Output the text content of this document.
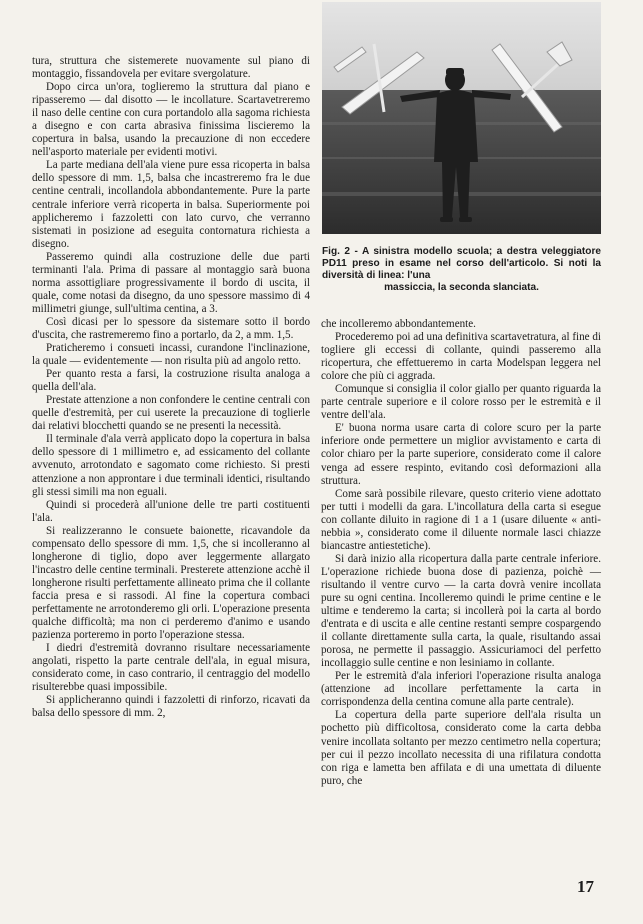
Fig. 2 - A sinistra modello scuola; a destra veleggiatore PD11 preso in esame nel corso dell'articolo. Si noti la diversità di linea: l'una
massiccia, la seconda slanciata.

tura, struttura che sistemerete nuovamente sul piano di montaggio, fissandovela per evitare svergolature.

Dopo circa un'ora, toglieremo la struttura dal piano e ripasseremo — dal disotto — le incollature. Scartavetreremo il naso delle centine con cura portandolo alla sagoma richiesta a disegno e con carta abrasiva finissima liscieremo la copertura in balsa, usando la precauzione di non eccedere nell'asporto materiale per evidenti motivi.

La parte mediana dell'ala viene pure essa ricoperta in balsa dello spessore di mm. 1,5, balsa che incastreremo fra le due centine centrali, incollandola abbondantemente. Pure la parte centrale inferiore verrà ricoperta in balsa. Superiormente poi applicheremo i fazzoletti con lato curvo, che verranno sistemati in posizione ad eseguita contornatura richiesta a disegno.

Passeremo quindi alla costruzione delle due parti terminanti l'ala. Prima di passare al montaggio sarà buona norma assottigliare progressivamente il bordo di uscita, il quale, come notasi da disegno, da uno spessore massimo di 4 millimetri giunge, sull'ultima centina, a 3.

Così dicasi per lo spessore da sistemare sotto il bordo d'uscita, che rastremeremo fino a portarlo, da 2, a mm. 1,5.

Praticheremo i consueti incassi, curandone l'inclinazione, la quale — evidentemente — non risulta più ad angolo retto.

Per quanto resta a farsi, la costruzione risulta analoga a quella dell'ala.

Prestate attenzione a non confondere le centine centrali con quelle d'estremità, per cui userete la precauzione di toglierle dai relativi blocchetti quando se ne presenti la necessità.

Il terminale d'ala verrà applicato dopo la copertura in balsa dello spessore di 1 millimetro e, ad essicamento del collante avvenuto, arrotondato e sagomato come richiesto. Si presti attenzione a non approntare i due terminali identici, risultando gli stessi simili ma non eguali.

Quindi si procederà all'unione delle tre parti costituenti l'ala.

Si realizzeranno le consuete baionette, ricavandole da compensato dello spessore di mm. 1,5, che si incolleranno al longherone di tiglio, dopo aver leggermente allargato l'incastro delle centine terminali. Presterete attenzione acchè il longherone risulti perfettamente allineato prima che il collante faccia presa e si rassodi. Al fine la copertura combaci perfettamente ne arrotonderemo gli orli. L'operazione presenta qualche difficoltà; ma non ci perderemo d'animo e usando pazienza porteremo in porto l'operazione stessa.

I diedri d'estremità dovranno risultare necessariamente angolati, rispetto la parte centrale dell'ala, in egual misura, considerato come, in caso contrario, il centraggio del modello risulterebbe quasi impossibile.

Si applicheranno quindi i fazzoletti di rinforzo, ricavati da balsa dello spessore di mm. 2,

che incolleremo abbondantemente.

Procederemo poi ad una definitiva scartavetratura, al fine di togliere gli eccessi di collante, quindi passeremo alla ricopertura, che effettueremo in carta Modelspan leggera nel colore che più ci aggrada.

Comunque si consiglia il color giallo per quanto riguarda la parte centrale superiore e il colore rosso per le estremità e il ventre dell'ala.

E' buona norma usare carta di colore scuro per la parte inferiore onde permettere un miglior avvistamento e carta di color chiaro per la parte superiore, considerato come il calore venga ad essere respinto, evitando così deformazioni alla struttura.

Come sarà possibile rilevare, questo criterio viene adottato per tutti i modelli da gara. L'incollatura della carta si esegue con collante diluito in ragione di 1 a 1 (usare diluente « anti-nebbia », considerato come il diluente normale lasci chiazze biancastre antiestetiche).

Si darà inizio alla ricopertura dalla parte centrale inferiore. L'operazione richiede buona dose di pazienza, poichè — risultando il ventre curvo — la carta dovrà venire incollata pure su ogni centina. Incolleremo quindi le prime centine e le ultime e tenderemo la carta; si incollerà poi la carta al bordo d'entrata e di uscita e alle centine restanti sempre cospargendo il collante direttamente sulla carta, la quale, risultando assai porosa, ne permette il passaggio. Assicuriamoci del perfetto incollaggio sulle centine e non lesiniamo in collante.

Per le estremità d'ala inferiori l'operazione risulta analoga (attenzione ad incollare perfettamente la carta in corrispondenza della centina comune alla parte centrale).

La copertura della parte superiore dell'ala risulta un pochetto più difficoltosa, considerato come la carta debba venire incollata soltanto per mezzo centimetro nella copertura; per cui il pezzo incollato necessita di una rifilatura condotta con riga e lametta ben affilata e di una umettata di diluente puro, che

17
